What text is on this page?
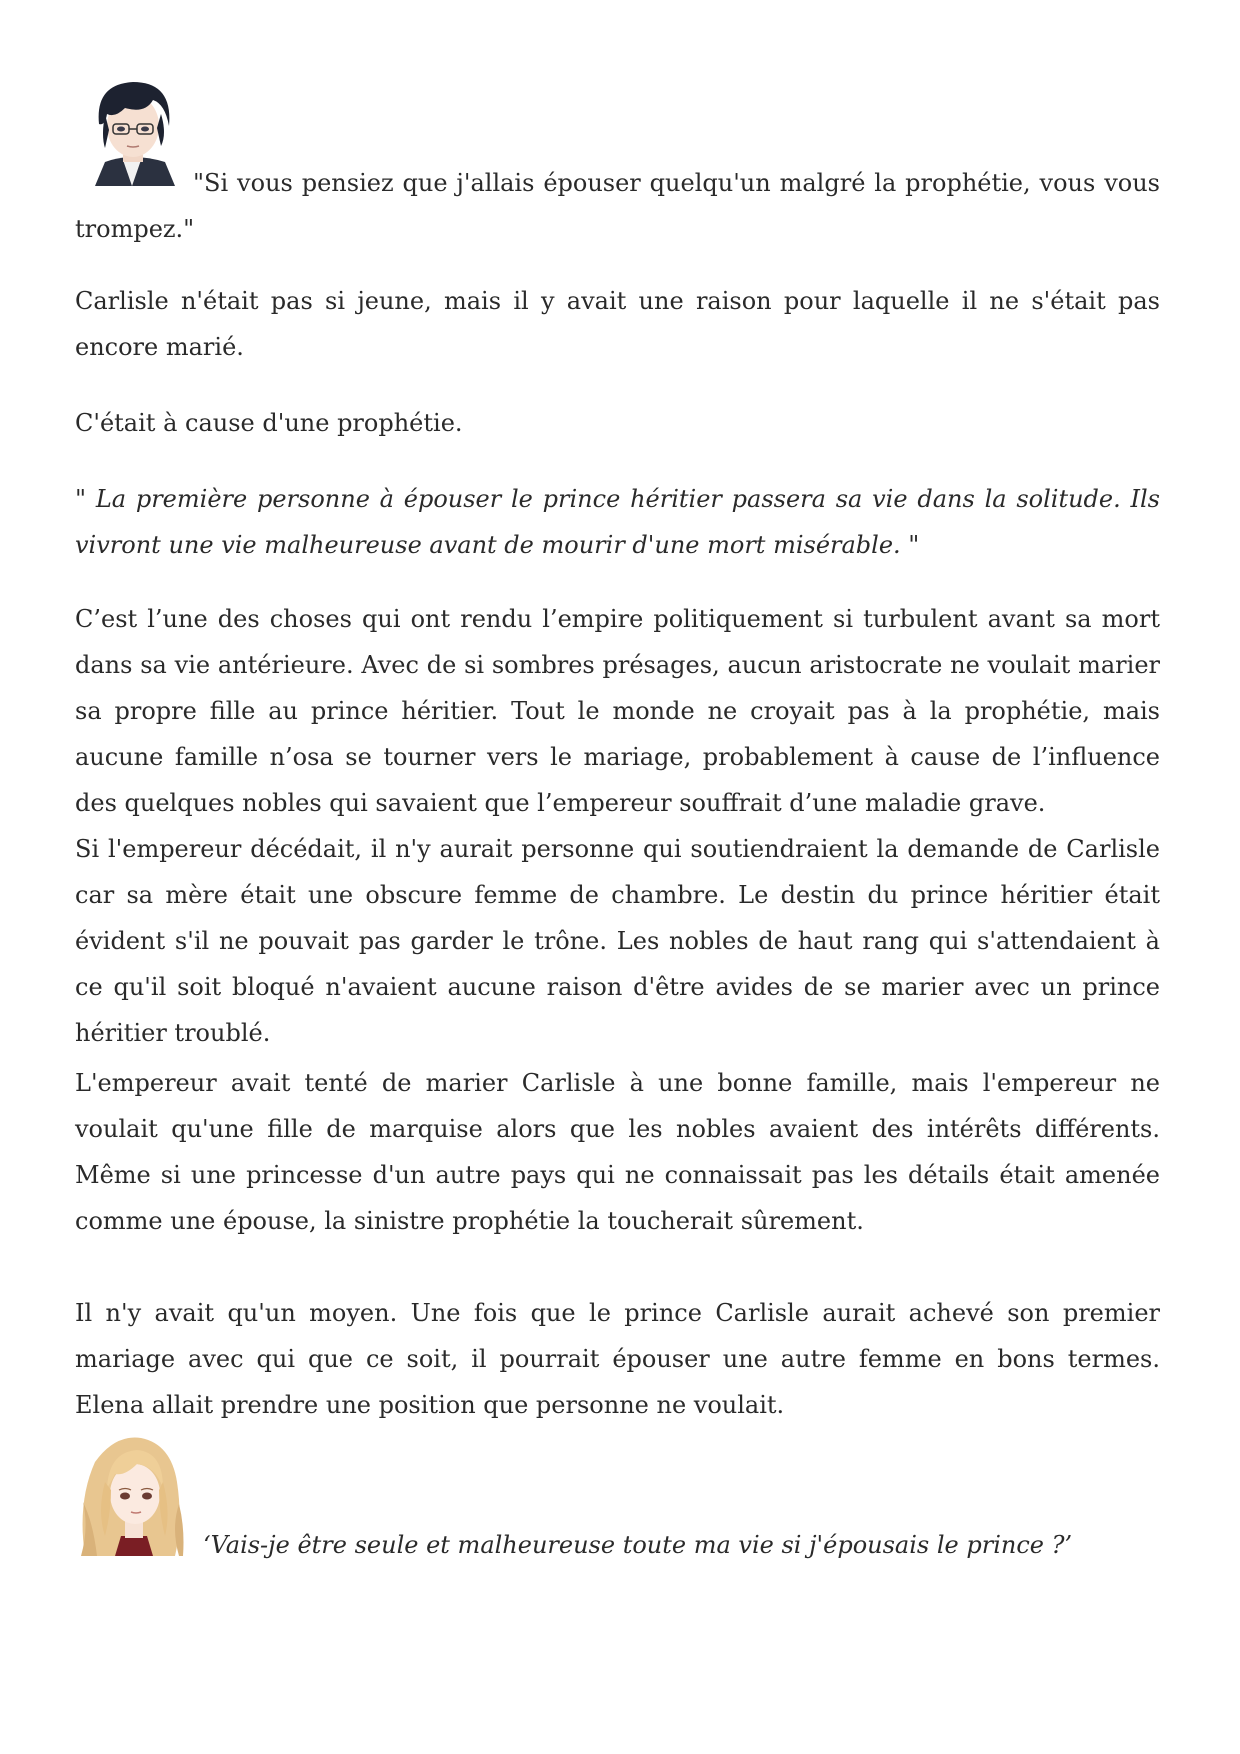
"Si vous pensiez que j'allais épouser quelqu'un malgré la prophétie, vous vous trompez."

Carlisle n'était pas si jeune, mais il y avait une raison pour laquelle il ne s'était pas encore marié.

C'était à cause d'une prophétie.

" La première personne à épouser le prince héritier passera sa vie dans la solitude. Ils vivront une vie malheureuse avant de mourir d'une mort misérable. "

C’est l’une des choses qui ont rendu l’empire politiquement si turbulent avant sa mort dans sa vie antérieure. Avec de si sombres présages, aucun aristocrate ne voulait marier sa propre fille au prince héritier. Tout le monde ne croyait pas à la prophétie, mais aucune famille n’osa se tourner vers le mariage, probablement à cause de l’influence des quelques nobles qui savaient que l’empereur souffrait d’une maladie grave.

Si l'empereur décédait, il n'y aurait personne qui soutiendraient la demande de Carlisle car sa mère était une obscure femme de chambre. Le destin du prince héritier était évident s'il ne pouvait pas garder le trône. Les nobles de haut rang qui s'attendaient à ce qu'il soit bloqué n'avaient aucune raison d'être avides de se marier avec un prince héritier troublé.

L'empereur avait tenté de marier Carlisle à une bonne famille, mais l'empereur ne voulait qu'une fille de marquise alors que les nobles avaient des intérêts différents. Même si une princesse d'un autre pays qui ne connaissait pas les détails était amenée comme une épouse, la sinistre prophétie la toucherait sûrement.

Il n'y avait qu'un moyen. Une fois que le prince Carlisle aurait achevé son premier mariage avec qui que ce soit, il pourrait épouser une autre femme en bons termes. Elena allait prendre une position que personne ne voulait.

‘Vais-je être seule et malheureuse toute ma vie si j'épousais le prince ?’
